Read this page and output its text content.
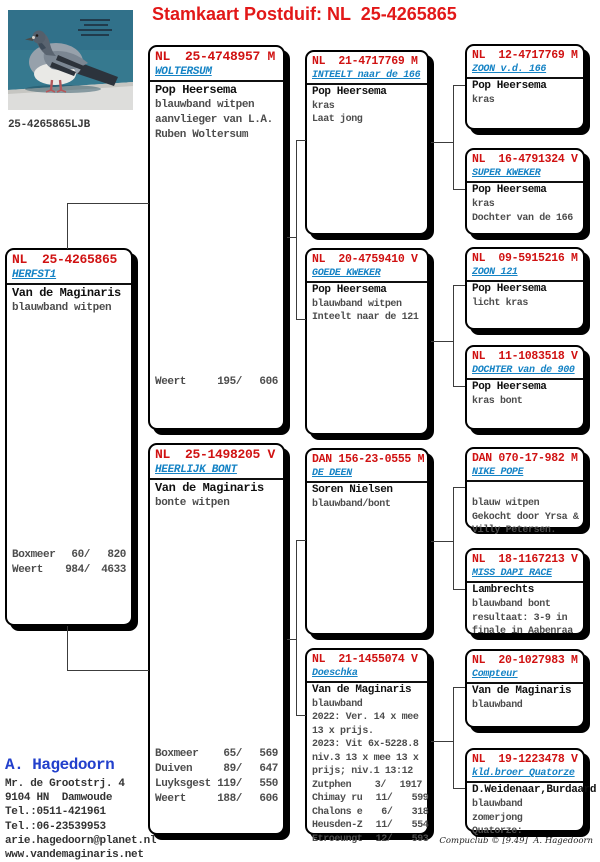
Stamkaart Postduif: NL  25-4265865
25-4265865LJB
NL  25-4265865
HERFST1
Van de Maginaris
blauwband witpen
Boxmeer	60/	820
Weert	984/	4633
NL  25-4748957 M
WOLTERSUM
Pop Heersema
blauwband witpen
aanvlieger van L.A.
Ruben Woltersum
Weert	195/	606
NL  25-1498205 V
HEERLIJK BONT
Van de Maginaris
bonte witpen
Boxmeer	65/	569
Duiven	89/	647
Luyksgest 119/	550
Weert	188/	606
NL  21-4717769 M
INTEELT naar de 166
Pop Heersema
kras
Laat jong
NL  20-4759410 V
GOEDE KWEKER
Pop Heersema
blauwband witpen
Inteelt naar de 121
DAN 156-23-0555 M
DE DEEN
Soren Nielsen
blauwband/bont
NL  21-1455074 V
Doeschka
Van de Maginaris
blauwband
2022: Ver. 14 x mee
13 x prijs.
2023: Vit 6x-5228.8
niv.3 13 x mee 13 x
prijs; niv.1 13:12
Zutphen	3/	1917
Chimay ru	11/	599
Chalons e	6/	318
Heusden-Z	11/	554
Etroeungt	12/	593
NL  12-4717769 M
ZOON v.d. 166
Pop Heersema
kras
NL  16-4791324 V
SUPER KWEKER
Pop Heersema
kras
Dochter van de 166
NL  09-5915216 M
ZOON 121
Pop Heersema
licht kras
NL  11-1083518 V
DOCHTER van de 900
Pop Heersema
kras bont
DAN 070-17-982 M
NIKE POPE
blauw witpen
Gekocht door Yrsa &
Villy Petersen.
NL  18-1167213 V
MISS DAPI RACE
Lambrechts
blauwband bont
resultaat: 3-9 in
finale in Aabenraa
NL  20-1027983 M
Compteur
Van de Maginaris
blauwband
NL  19-1223478 V
kld.broer Quatorze
D.Weidenaar,Burdaard
blauwband
zomerjong
Quatorze:
A. Hagedoorn
Mr. de Grootstrj. 4
9104 HN  Damwoude
Tel.:0511-421961
Tel.:06-23539953
arie.hagedoorn@planet.nl
www.vandemaginaris.net
Compuclub © [9.49]  A. Hagedoorn
